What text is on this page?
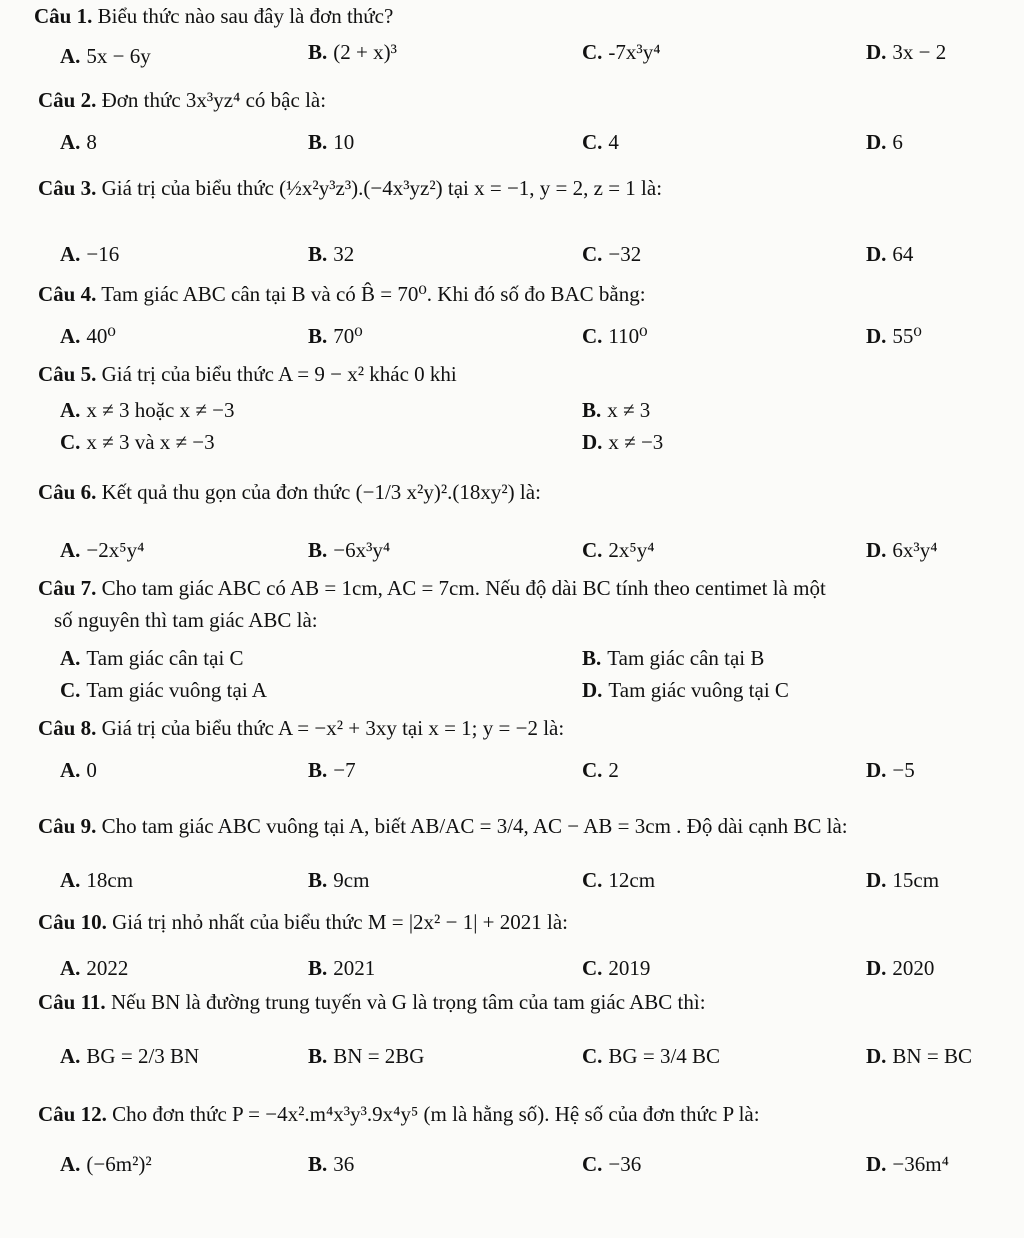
Câu 1. Biểu thức nào sau đây là đơn thức?
A. 5x − 6y	B. (2 + x)³	C. -7x³y⁴	D. 3x − 2
Câu 2. Đơn thức 3x³yz⁴ có bậc là:
A. 8	B. 10	C. 4	D. 6
Câu 3. Giá trị của biểu thức (½x²y³z³).(−4x³yz²) tại x = −1, y = 2, z = 1 là:
A. −16	B. 32	C. −32	D. 64
Câu 4. Tam giác ABC cân tại B và có B̂ = 70⁰. Khi đó số đo BAC bằng:
A. 40⁰	B. 70⁰	C. 110⁰	D. 55⁰
Câu 5. Giá trị của biểu thức A = 9 − x² khác 0 khi
A. x ≠ 3 hoặc x ≠ −3	B. x ≠ 3
C. x ≠ 3 và x ≠ −3	D. x ≠ −3
Câu 6. Kết quả thu gọn của đơn thức (−1/3 x²y)².(18xy²) là:
A. −2x⁵y⁴	B. −6x³y⁴	C. 2x⁵y⁴	D. 6x³y⁴
Câu 7. Cho tam giác ABC có AB = 1cm, AC = 7cm. Nếu độ dài BC tính theo centimet là một
số nguyên thì tam giác ABC là:
A. Tam giác cân tại C	B. Tam giác cân tại B
C. Tam giác vuông tại A	D. Tam giác vuông tại C
Câu 8. Giá trị của biểu thức A = −x² + 3xy tại x = 1; y = −2 là:
A. 0	B. −7	C. 2	D. −5
Câu 9. Cho tam giác ABC vuông tại A, biết AB/AC = 3/4, AC − AB = 3cm . Độ dài cạnh BC là:
A. 18cm	B. 9cm	C. 12cm	D. 15cm
Câu 10. Giá trị nhỏ nhất của biểu thức M = |2x² − 1| + 2021 là:
A. 2022	B. 2021	C. 2019	D. 2020
Câu 11. Nếu BN là đường trung tuyến và G là trọng tâm của tam giác ABC thì:
A. BG = 2/3 BN	B. BN = 2BG	C. BG = 3/4 BC	D. BN = BC
Câu 12. Cho đơn thức P = −4x².m⁴x³y³.9x⁴y⁵ (m là hằng số). Hệ số của đơn thức P là:
A. (−6m²)²	B. 36	C. −36	D. −36m⁴
